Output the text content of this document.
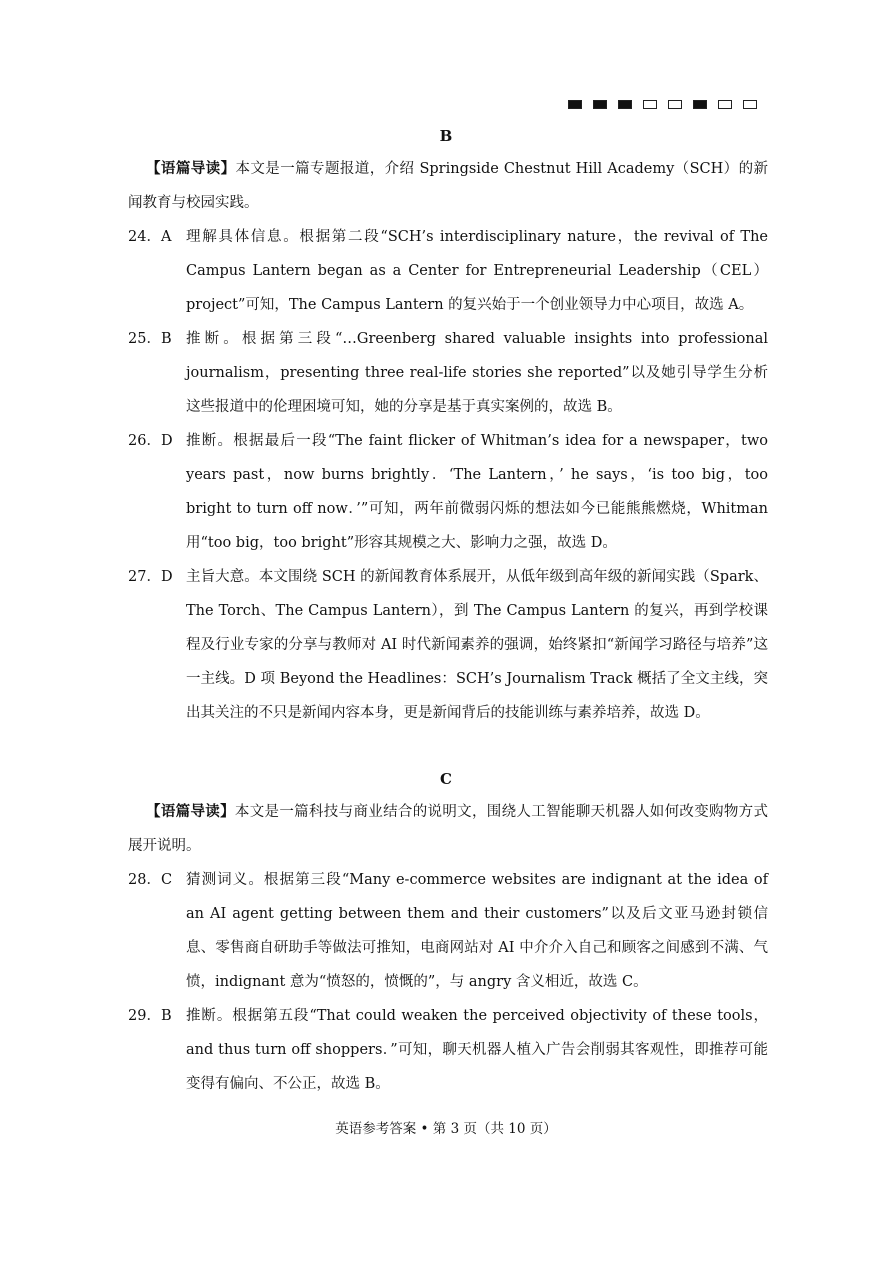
B
【语篇导读】本文是一篇专题报道，介绍 Springside Chestnut Hill Academy（SCH）的新闻教育与校园实践。
24．A	理解具体信息。根据第二段“SCH’s interdisciplinary nature，the revival of The Campus Lantern began as a Center for Entrepreneurial Leadership（CEL）project”可知，The Campus Lantern 的复兴始于一个创业领导力中心项目，故选 A。
25．B 推断。根据第三段“…Greenberg shared valuable insights into professional journalism，presenting three real-life stories she reported”以及她引导学生分析这些报道中的伦理困境可知，她的分享是基于真实案例的，故选 B。
26．D 推断。根据最后一段“The faint flicker of Whitman’s idea for a newspaper，two years past，now burns brightly．‘The Lantern，’ he says，‘is too big，too bright to turn off now．’”可知，两年前微弱闪烁的想法如今已能熊熊燃烧，Whitman 用“too big，too bright”形容其规模之大、影响力之强，故选 D。
27．D 主旨大意。本文围绕 SCH 的新闻教育体系展开，从低年级到高年级的新闻实践（Spark、The Torch、The Campus Lantern），到 The Campus Lantern 的复兴，再到学校课程及行业专家的分享与教师对 AI 时代新闻素养的强调，始终紧扣“新闻学习路径与培养”这一主线。D 项 Beyond the Headlines：SCH’s Journalism Track 概括了全文主线，突出其关注的不只是新闻内容本身，更是新闻背后的技能训练与素养培养，故选 D。
C
【语篇导读】本文是一篇科技与商业结合的说明文，围绕人工智能聊天机器人如何改变购物方式展开说明。
28．C 猜测词义。根据第三段“Many e-commerce websites are indignant at the idea of an AI agent getting between them and their customers”以及后文亚马逊封锁信息、零售商自研助手等做法可推知，电商网站对 AI 中介介入自己和顾客之间感到不满、气愤，indignant 意为“愤怒的，愤慨的”，与 angry 含义相近，故选 C。
29．B 推断。根据第五段“That could weaken the perceived objectivity of these tools，and thus turn off shoppers．”可知，聊天机器人植入广告会削弱其客观性，即推荐可能变得有偏向、不公正，故选 B。
英语参考答案 • 第 3 页（共 10 页）
